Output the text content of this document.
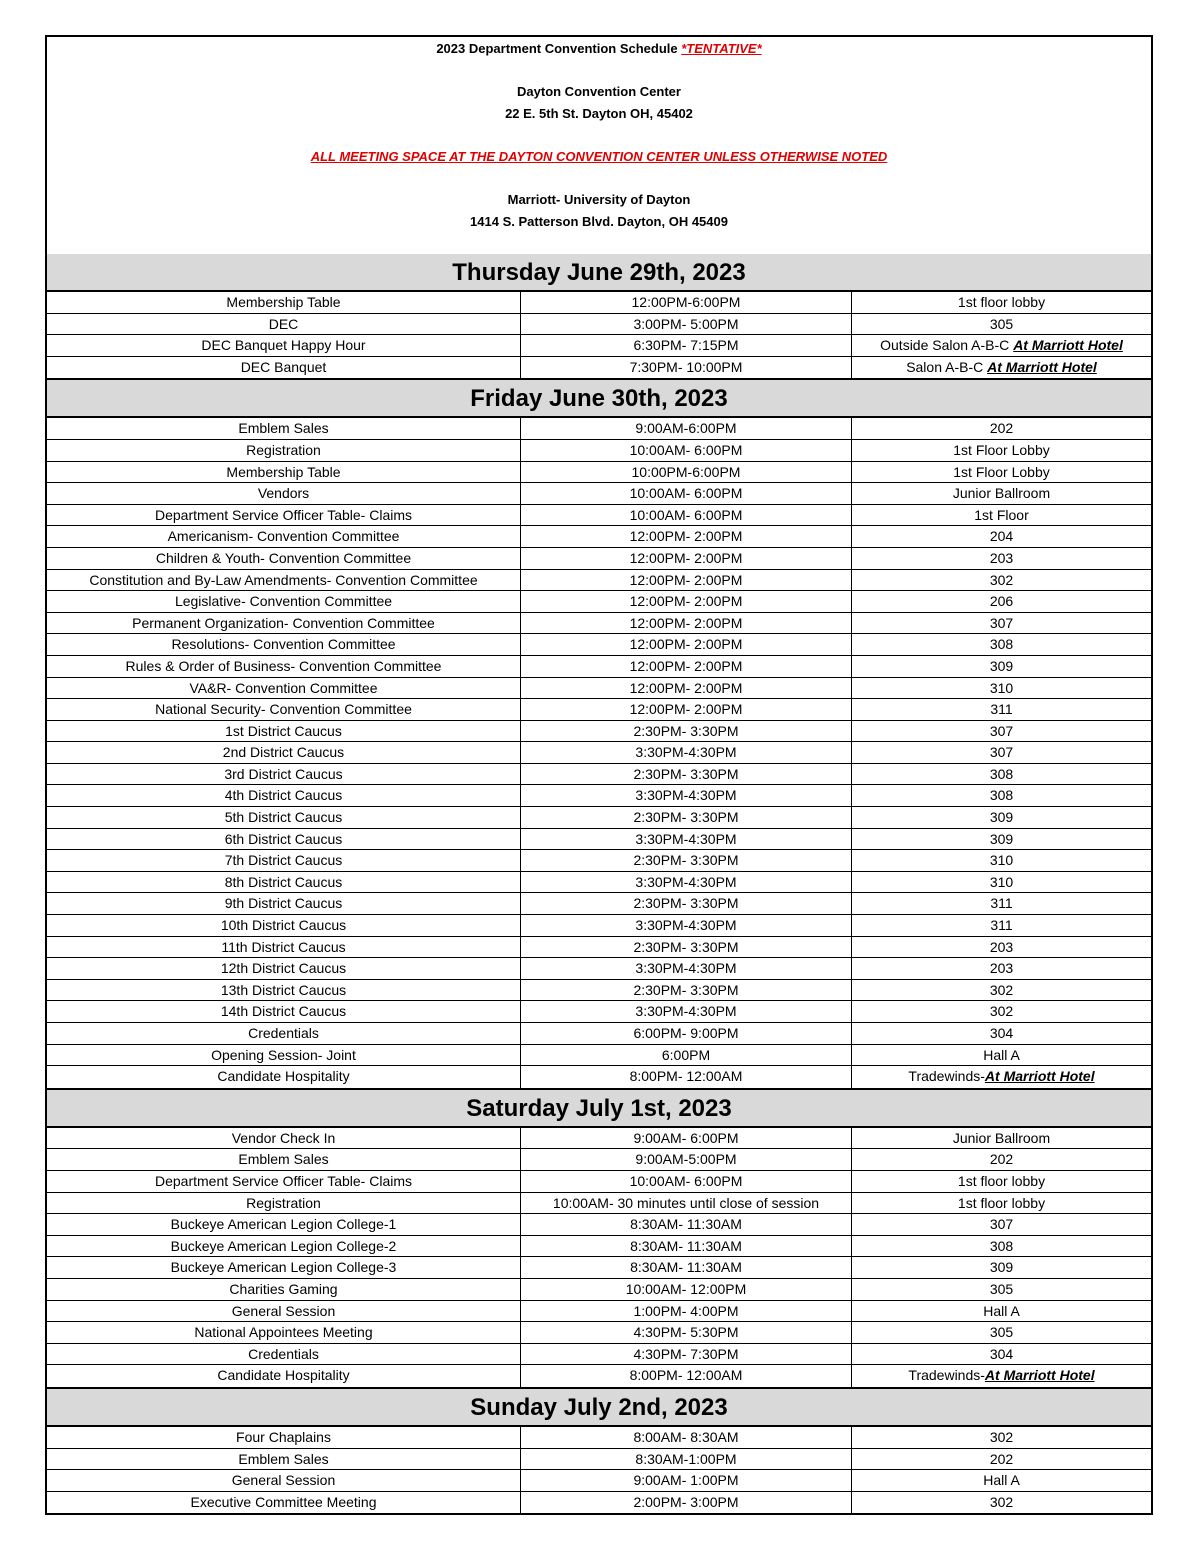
2023 Department Convention Schedule *TENTATIVE*
Dayton Convention Center
22 E. 5th St. Dayton OH, 45402
ALL MEETING SPACE AT THE DAYTON CONVENTION CENTER UNLESS OTHERWISE NOTED
Marriott- University of Dayton
1414 S. Patterson Blvd. Dayton, OH 45409
Thursday June 29th, 2023
Membership Table	12:00PM-6:00PM	1st floor lobby
DEC	3:00PM- 5:00PM	305
DEC Banquet Happy Hour	6:30PM- 7:15PM	Outside Salon A-B-C At Marriott Hotel
DEC Banquet	7:30PM- 10:00PM	Salon A-B-C At Marriott Hotel
Friday June 30th, 2023
Emblem Sales	9:00AM-6:00PM	202
Registration	10:00AM- 6:00PM	1st Floor Lobby
Membership Table	10:00PM-6:00PM	1st Floor Lobby
Vendors	10:00AM- 6:00PM	Junior Ballroom
Department Service Officer Table- Claims	10:00AM- 6:00PM	1st Floor
Americanism- Convention Committee	12:00PM- 2:00PM	204
Children & Youth- Convention Committee	12:00PM- 2:00PM	203
Constitution and By-Law Amendments- Convention Committee	12:00PM- 2:00PM	302
Legislative- Convention Committee	12:00PM- 2:00PM	206
Permanent Organization- Convention Committee	12:00PM- 2:00PM	307
Resolutions- Convention Committee	12:00PM- 2:00PM	308
Rules & Order of Business- Convention Committee	12:00PM- 2:00PM	309
VA&R- Convention Committee	12:00PM- 2:00PM	310
National Security- Convention Committee	12:00PM- 2:00PM	311
1st District Caucus	2:30PM- 3:30PM	307
2nd District Caucus	3:30PM-4:30PM	307
3rd District Caucus	2:30PM- 3:30PM	308
4th District Caucus	3:30PM-4:30PM	308
5th District Caucus	2:30PM- 3:30PM	309
6th District Caucus	3:30PM-4:30PM	309
7th District Caucus	2:30PM- 3:30PM	310
8th District Caucus	3:30PM-4:30PM	310
9th District Caucus	2:30PM- 3:30PM	311
10th District Caucus	3:30PM-4:30PM	311
11th District Caucus	2:30PM- 3:30PM	203
12th District Caucus	3:30PM-4:30PM	203
13th District Caucus	2:30PM- 3:30PM	302
14th District Caucus	3:30PM-4:30PM	302
Credentials	6:00PM- 9:00PM	304
Opening Session- Joint	6:00PM	Hall A
Candidate Hospitality	8:00PM- 12:00AM	Tradewinds-At Marriott Hotel
Saturday July 1st, 2023
Vendor Check In	9:00AM- 6:00PM	Junior Ballroom
Emblem Sales	9:00AM-5:00PM	202
Department Service Officer Table- Claims	10:00AM- 6:00PM	1st floor lobby
Registration	10:00AM- 30 minutes until close of session	1st floor lobby
Buckeye American Legion College-1	8:30AM- 11:30AM	307
Buckeye American Legion College-2	8:30AM- 11:30AM	308
Buckeye American Legion College-3	8:30AM- 11:30AM	309
Charities Gaming	10:00AM- 12:00PM	305
General Session	1:00PM- 4:00PM	Hall A
National Appointees Meeting	4:30PM- 5:30PM	305
Credentials	4:30PM- 7:30PM	304
Candidate Hospitality	8:00PM- 12:00AM	Tradewinds-At Marriott Hotel
Sunday July 2nd, 2023
Four Chaplains	8:00AM- 8:30AM	302
Emblem Sales	8:30AM-1:00PM	202
General Session	9:00AM- 1:00PM	Hall A
Executive Committee Meeting	2:00PM- 3:00PM	302
